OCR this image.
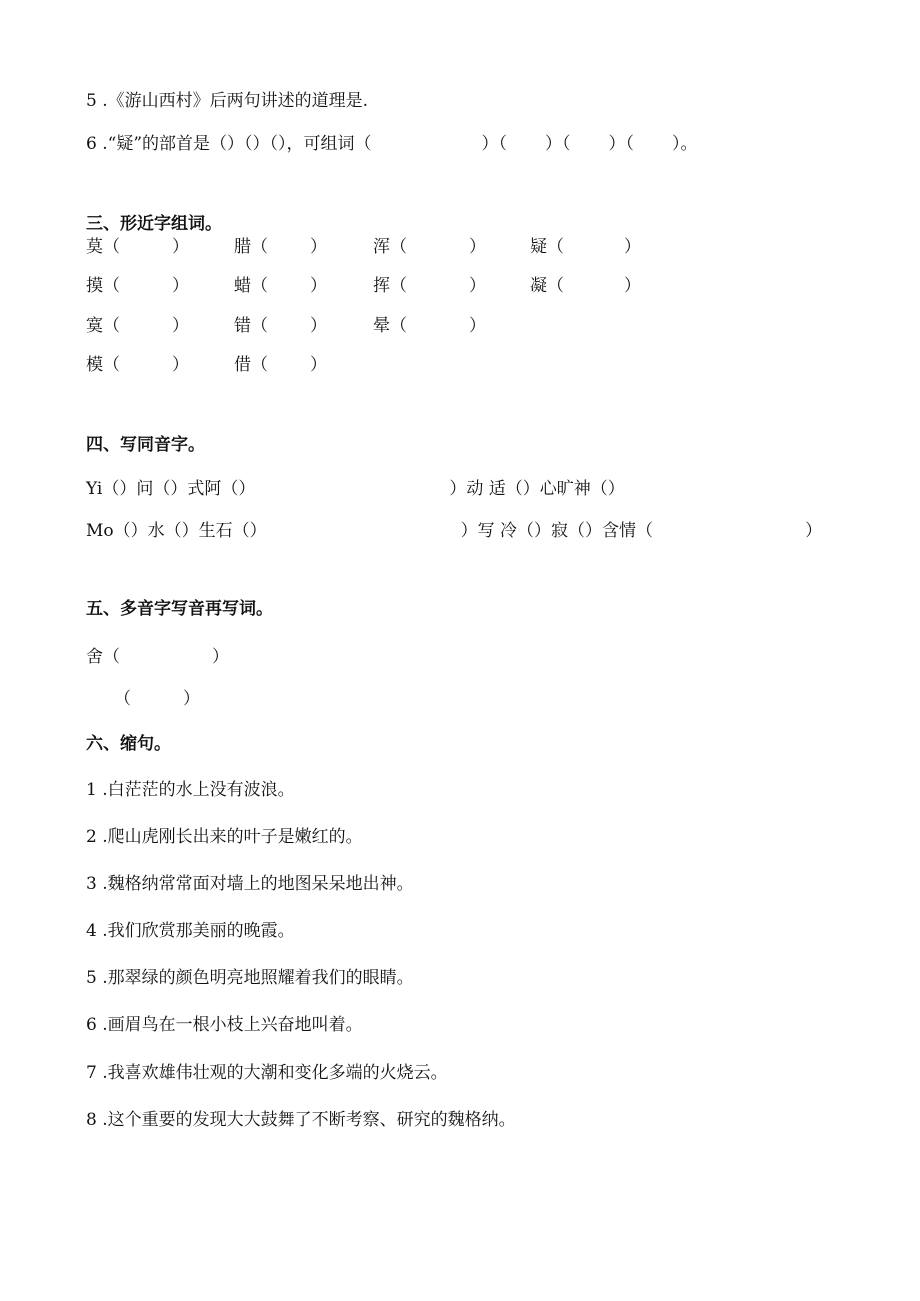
5 .《游山西村》后两句讲述的道理是.
6 .“疑”的部首是（）（）（），可组词（	）（ ）（ ）（ ）。
三、形近字组词。
莫（	）	腊（ ）	浑（	）	疑（	）
摸（	）	蜡（ ）	挥（	）	凝（	）
寞（	）	错（ ）	晕（	）
模（	）	借（ ）
四、写同音字。
Yi（）问（）式阿（）	）动 适（）心旷神（）
Mo（）水（）生石（）	）写 冷（）寂（）含情（	）
五、多音字写音再写词。
舍（	）
（	）
六、缩句。
1 .白茫茫的水上没有波浪。
2 .爬山虎刚长出来的叶子是嫩红的。
3 .魏格纳常常面对墙上的地图呆呆地出神。
4 .我们欣赏那美丽的晚霞。
5 .那翠绿的颜色明亮地照耀着我们的眼睛。
6 .画眉鸟在一根小枝上兴奋地叫着。
7 .我喜欢雄伟壮观的大潮和变化多端的火烧云。
8 .这个重要的发现大大鼓舞了不断考察、研究的魏格纳。
